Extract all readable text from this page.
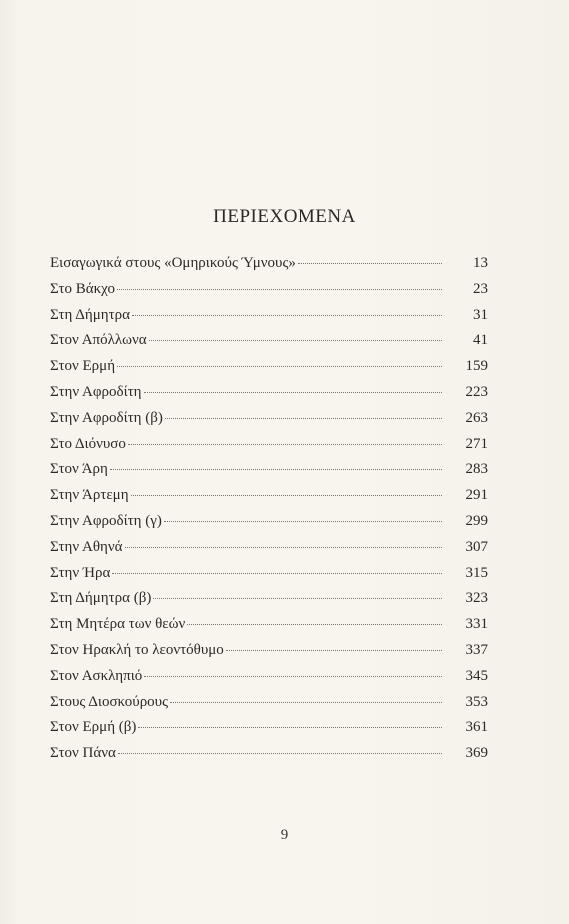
ΠΕΡΙΕΧΟΜΕΝΑ
Εισαγωγικά στους «Ομηρικούς Ύμνους»	13
Στο Βάκχο	23
Στη Δήμητρα	31
Στον Απόλλωνα	41
Στον Ερμή	159
Στην Αφροδίτη	223
Στην Αφροδίτη (β)	263
Στο Διόνυσο	271
Στον Άρη	283
Στην Άρτεμη	291
Στην Αφροδίτη (γ)	299
Στην Αθηνά	307
Στην Ήρα	315
Στη Δήμητρα (β)	323
Στη Μητέρα των θεών	331
Στον Ηρακλή το λεοντόθυμο	337
Στον Ασκληπιό	345
Στους Διοσκούρους	353
Στον Ερμή (β)	361
Στον Πάνα	369
9
